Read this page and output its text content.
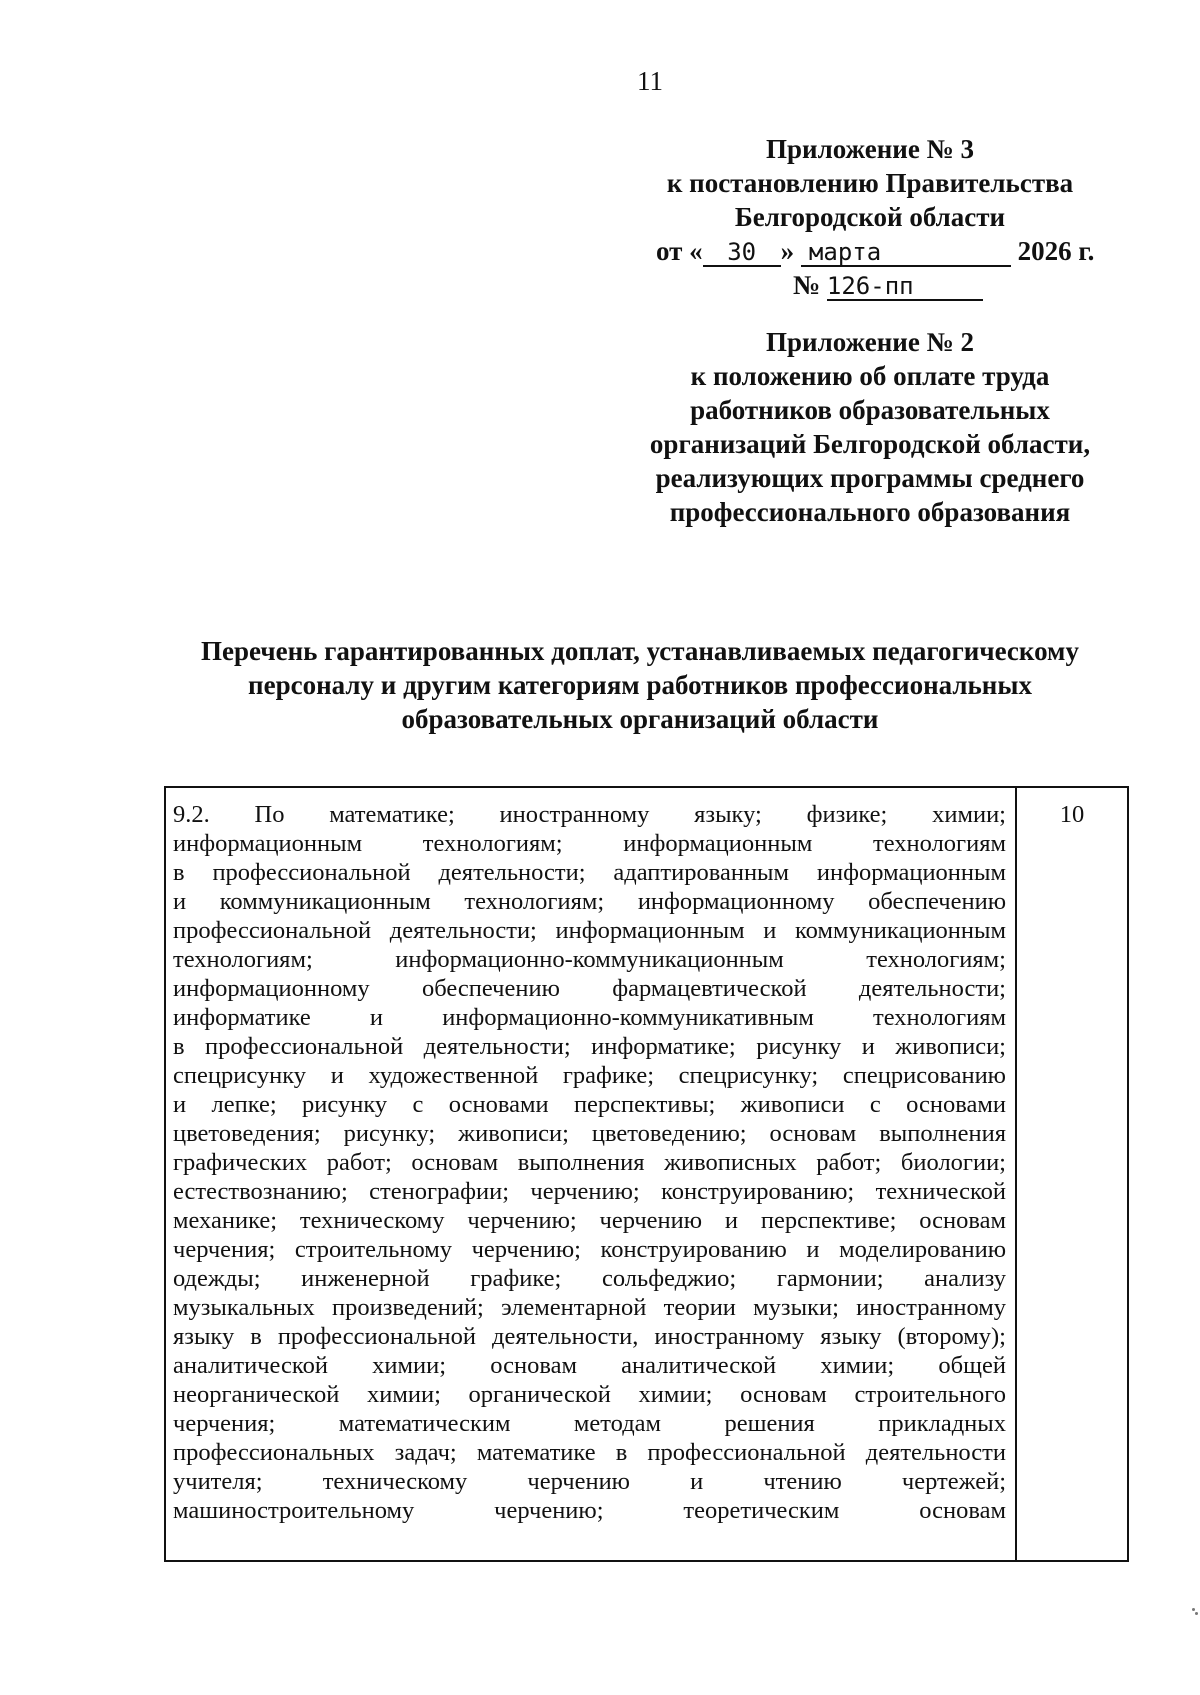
11
Приложение № 3
к постановлению Правительства
Белгородской области
от « 30 » марта	2026 г.
№ 126-пп
Приложение № 2
к положению об оплате труда
работников образовательных
организаций Белгородской области,
реализующих программы среднего
профессионального образования
Перечень гарантированных доплат, устанавливаемых педагогическому
персоналу и другим категориям работников профессиональных
образовательных организаций области
9.2. По математике; иностранному языку; физике; химии;
информационным технологиям; информационным технологиям
в профессиональной деятельности; адаптированным информационным
и коммуникационным технологиям; информационному обеспечению
профессиональной деятельности; информационным и коммуникационным
технологиям; информационно-коммуникационным технологиям;
информационному обеспечению фармацевтической деятельности;
информатике и информационно-коммуникативным технологиям
в профессиональной деятельности; информатике; рисунку и живописи;
спецрисунку и художественной графике; спецрисунку; спецрисованию
и лепке; рисунку с основами перспективы; живописи с основами
цветоведения; рисунку; живописи; цветоведению; основам выполнения
графических работ; основам выполнения живописных работ; биологии;
естествознанию; стенографии; черчению; конструированию; технической
механике; техническому черчению; черчению и перспективе; основам
черчения; строительному черчению; конструированию и моделированию
одежды; инженерной графике; сольфеджио; гармонии; анализу
музыкальных произведений; элементарной теории музыки; иностранному
языку в профессиональной деятельности, иностранному языку (второму);
аналитической химии; основам аналитической химии; общей
неорганической химии; органической химии; основам строительного
черчения; математическим методам решения прикладных
профессиональных задач; математике в профессиональной деятельности
учителя; техническому черчению и чтению чертежей;
машиностроительному черчению; теоретическим основам
10
